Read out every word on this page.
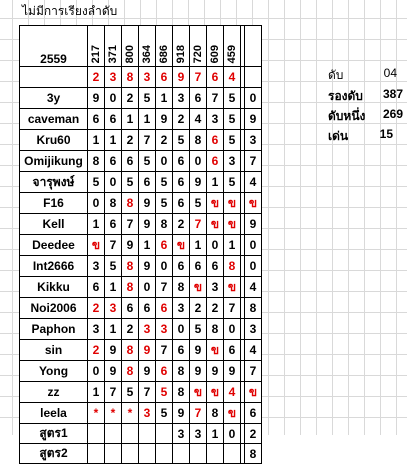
ไม่มีการเรียงลำดับ
2559	217	371	800	364	686	918	720	609	459		
	2	3	8	3	6	9	7	6	4		
3y	9	0	2	5	1	3	6	7	5		0
caveman	6	6	1	1	9	2	4	3	5		9
Kru60	1	1	2	7	2	5	8	6	5		3
Omijikung	8	6	6	5	0	6	0	6	3		7
จารุพงษ์	5	0	5	6	5	6	9	1	5		4
F16	0	8	8	9	5	6	5	ข	ข		ข
Kell	1	6	7	9	8	2	7	ข	ข		9
Deedee	ข	7	9	1	6	ข	1	0	1		0
Int2666	3	5	8	9	0	6	6	6	8		0
Kikku	6	1	8	0	7	8	ข	3	ข		4
Noi2006	2	3	6	6	6	3	2	2	7		8
Paphon	3	1	2	3	3	0	5	8	0		3
sin	2	9	8	9	7	6	9	ข	6		4
Yong	0	9	8	9	6	8	9	9	9		7
zz	1	7	5	7	5	8	ข	ข	4		ข
leela	*	*	*	3	5	9	7	8	ข		6
สูตร1						3	3	1	0		2
สูตร2											8
ดับ	04
รองดับ 387
ดับหนึ่ง 269
เด่น	15
